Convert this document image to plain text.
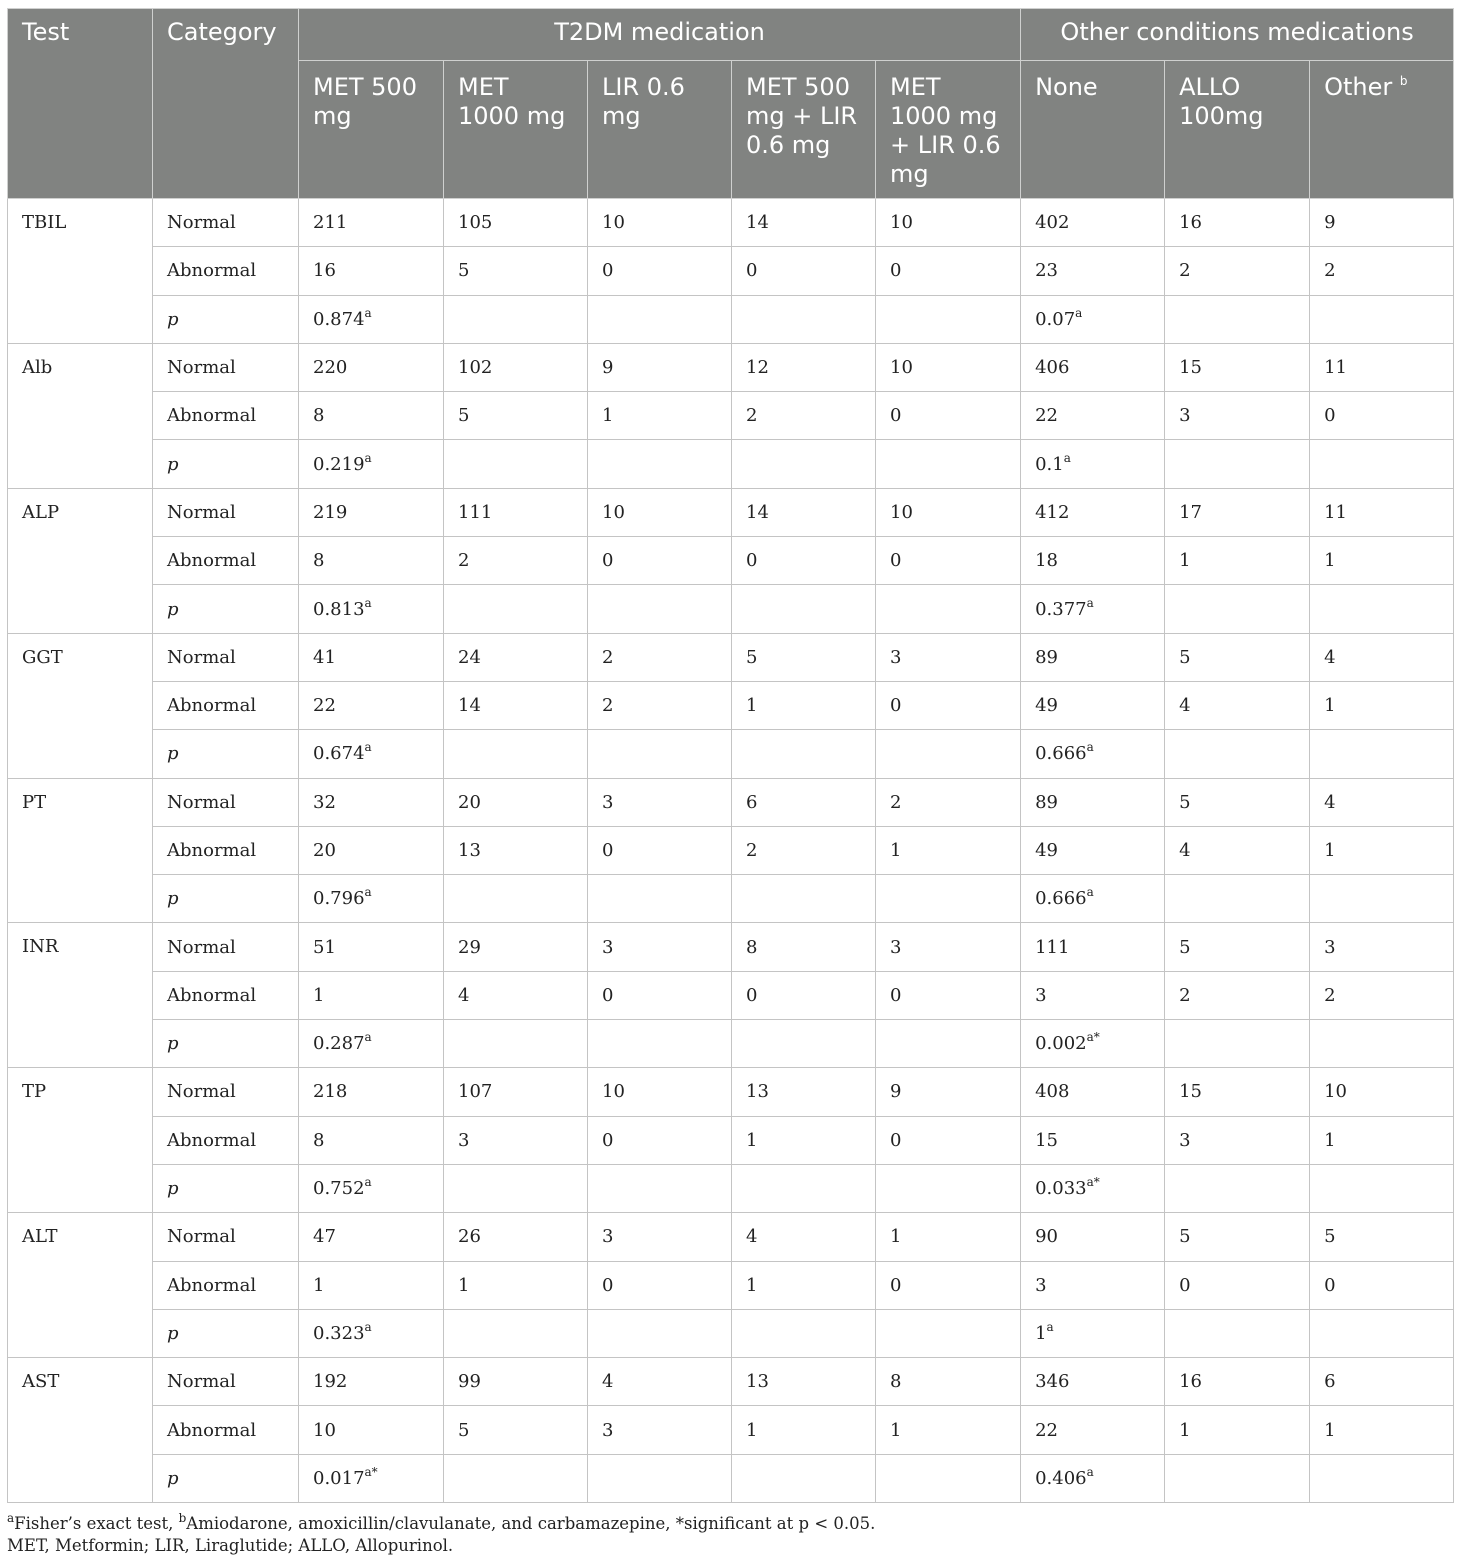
Test	Category	T2DM medication					Other conditions medications		
		MET 500 mg	MET 1000 mg	LIR 0.6 mg	MET 500 mg + LIR 0.6 mg	MET 1000 mg + LIR 0.6 mg	None	ALLO 100mg	Other $^b$
TBIL	Normal	211	105	10	14	10	402	16	9
	Abnormal	16	5	0	0	0	23	2	2
	p	0.874$^a$					0.07$^a$		
Alb	Normal	220	102	9	12	10	406	15	11
	Abnormal	8	5	1	2	0	22	3	0
	p	0.219$^a$					0.1$^a$		
ALP	Normal	219	111	10	14	10	412	17	11
	Abnormal	8	2	0	0	0	18	1	1
	p	0.813$^a$					0.377$^a$		
GGT	Normal	41	24	2	5	3	89	5	4
	Abnormal	22	14	2	1	0	49	4	1
	p	0.674$^a$					0.666$^a$		
PT	Normal	32	20	3	6	2	89	5	4
	Abnormal	20	13	0	2	1	49	4	1
	p	0.796$^a$					0.666$^a$		
INR	Normal	51	29	3	8	3	111	5	3
	Abnormal	1	4	0	0	0	3	2	2
	p	0.287$^a$					$0.002^{a*}$		
TP	Normal	218	107	10	13	9	408	15	10
	Abnormal	8	3	0	1	0	15	3	1
	p	0.752$^a$					$0.033^{a*}$		
ALT	Normal	47	26	3	4	1	90	5	5
	Abnormal	1	1	0	1	0	3	0	0
	p	0.323$^a$					1$^a$		
AST	Normal	192	99	4	13	8	346	16	6
	Abnormal	10	5	3	1	1	22	1	1
	p	$0.017^{a*}$					0.406$^a$		
$^a$Fisher’s exact test, $^b$Amiodarone, amoxicillin/clavulanate, and carbamazepine, *significant at p < 0.05.
MET, Metformin; LIR, Liraglutide; ALLO, Allopurinol.
